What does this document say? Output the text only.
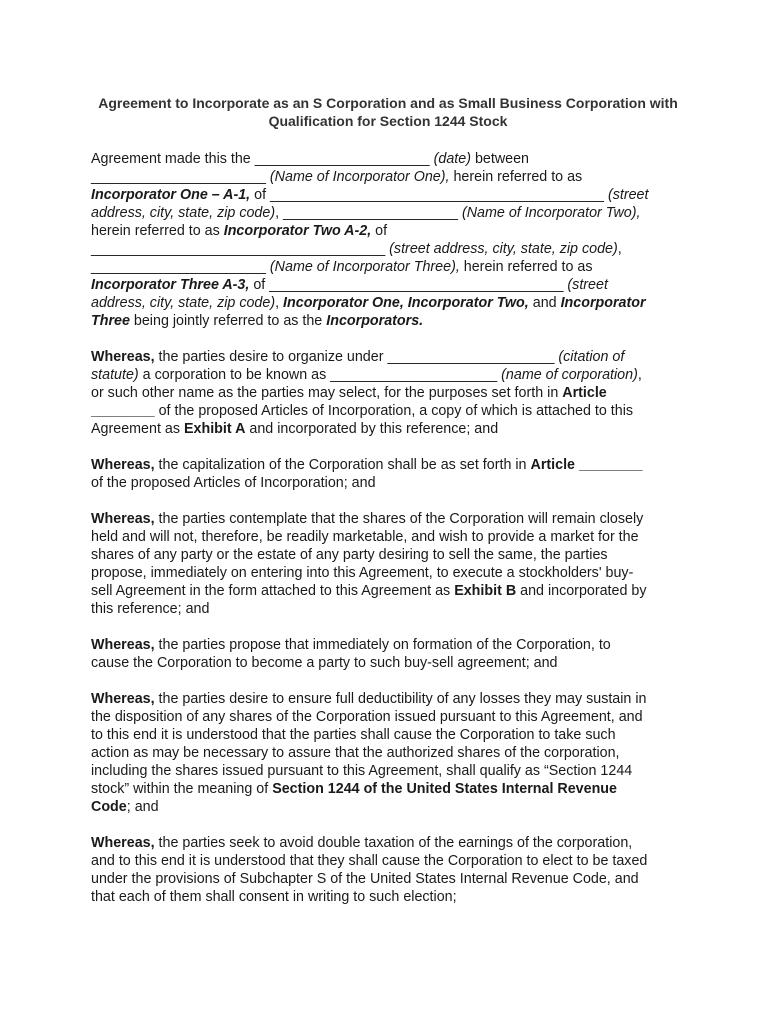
Agreement to Incorporate as an S Corporation and as Small Business Corporation with Qualification for Section 1244 Stock

Agreement made this the ______________________ (date) between
______________________ (Name of Incorporator One), herein referred to as
Incorporator One – A-1, of __________________________________________ (street
address, city, state, zip code), ______________________ (Name of Incorporator Two),
herein referred to as Incorporator Two A-2, of
_____________________________________ (street address, city, state, zip code),
______________________ (Name of Incorporator Three), herein referred to as
Incorporator Three A-3, of _____________________________________ (street
address, city, state, zip code), Incorporator One, Incorporator Two, and Incorporator
Three being jointly referred to as the Incorporators.

Whereas, the parties desire to organize under _____________________ (citation of
statute) a corporation to be known as _____________________ (name of corporation),
or such other name as the parties may select, for the purposes set forth in Article
________ of the proposed Articles of Incorporation, a copy of which is attached to this
Agreement as Exhibit A and incorporated by this reference; and

Whereas, the capitalization of the Corporation shall be as set forth in Article ________
of the proposed Articles of Incorporation; and

Whereas, the parties contemplate that the shares of the Corporation will remain closely
held and will not, therefore, be readily marketable, and wish to provide a market for the
shares of any party or the estate of any party desiring to sell the same, the parties
propose, immediately on entering into this Agreement, to execute a stockholders' buy-
sell Agreement in the form attached to this Agreement as Exhibit B and incorporated by
this reference; and

Whereas, the parties propose that immediately on formation of the Corporation, to
cause the Corporation to become a party to such buy-sell agreement; and

Whereas, the parties desire to ensure full deductibility of any losses they may sustain in
the disposition of any shares of the Corporation issued pursuant to this Agreement, and
to this end it is understood that the parties shall cause the Corporation to take such
action as may be necessary to assure that the authorized shares of the corporation,
including the shares issued pursuant to this Agreement, shall qualify as “Section 1244
stock” within the meaning of Section 1244 of the United States Internal Revenue
Code; and

Whereas, the parties seek to avoid double taxation of the earnings of the corporation,
and to this end it is understood that they shall cause the Corporation to elect to be taxed
under the provisions of Subchapter S of the United States Internal Revenue Code, and
that each of them shall consent in writing to such election;
